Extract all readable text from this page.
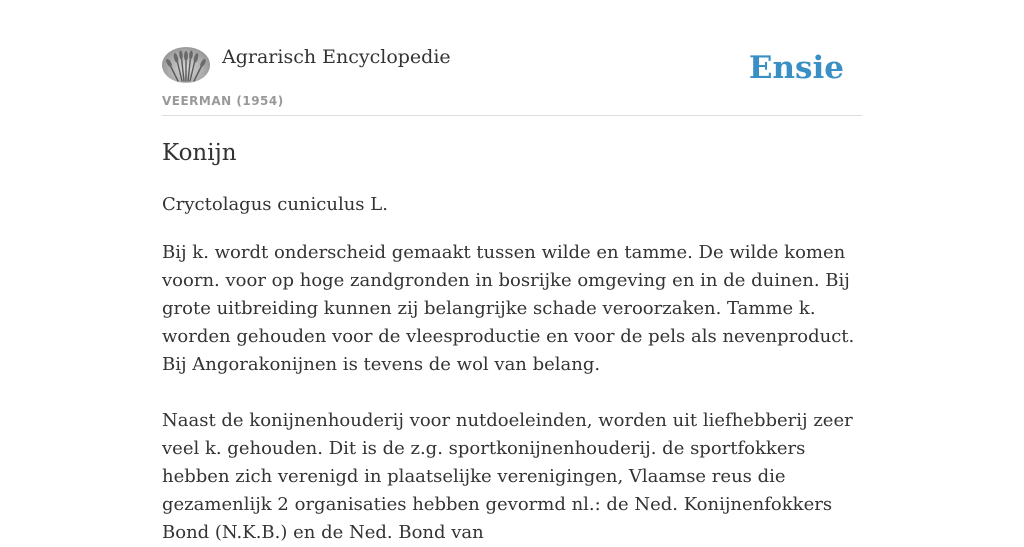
Agrarisch Encyclopedie
VEERMAN (1954)
Ensie
Konijn
Cryctolagus cuniculus L.

Bij k. wordt onderscheid gemaakt tussen wilde en tamme. De wilde komen voorn. voor op hoge zandgronden in bosrijke omgeving en in de duinen. Bij grote uitbreiding kunnen zij belangrijke schade veroorzaken. Tamme k. worden gehouden voor de vleesproductie en voor de pels als nevenproduct. Bij Angorakonijnen is tevens de wol van belang.

Naast de konijnenhouderij voor nutdoeleinden, worden uit liefhebberij zeer veel k. gehouden. Dit is de z.g. sportkonijnenhouderij. de sportfokkers hebben zich verenigd in plaatselijke verenigingen, Vlaamse reus die gezamenlijk 2 organisaties hebben gevormd nl.: de Ned. Konijnenfokkers Bond (N.K.B.) en de Ned. Bond van
